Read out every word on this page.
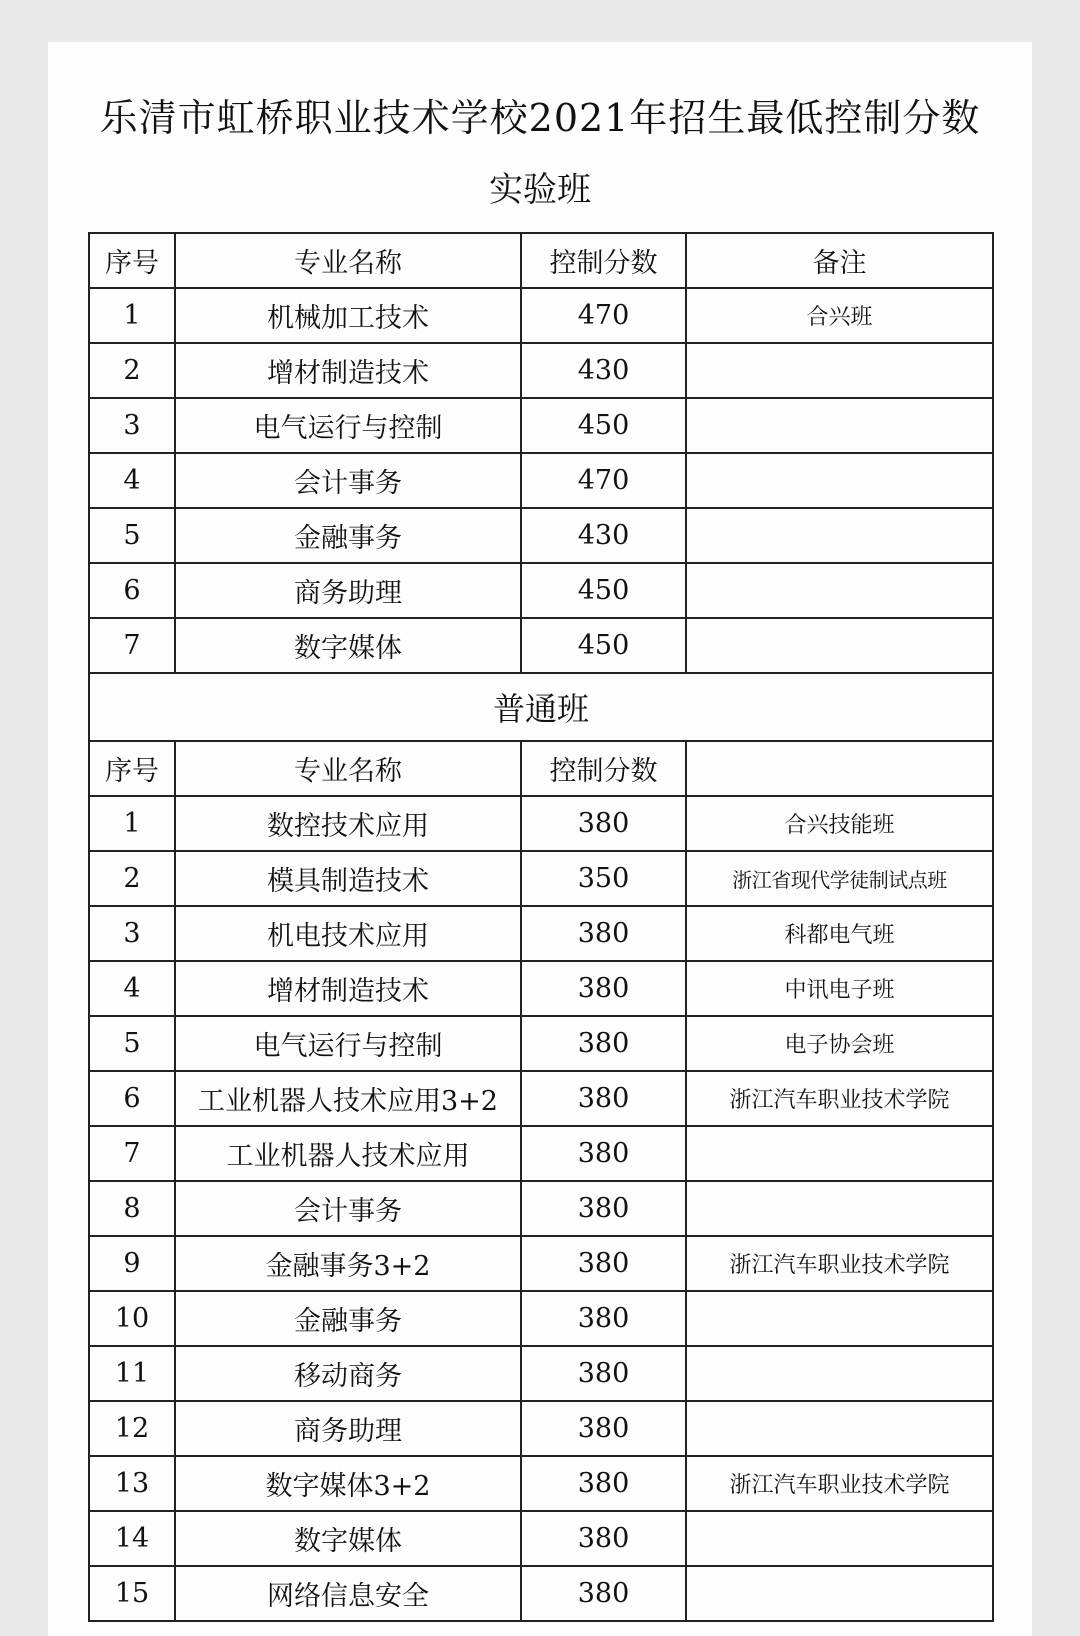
乐清市虹桥职业技术学校2021年招生最低控制分数
实验班
序号	专业名称	控制分数	备注
1	机械加工技术	470	合兴班
2	增材制造技术	430	
3	电气运行与控制	450	
4	会计事务	470	
5	金融事务	430	
6	商务助理	450	
7	数字媒体	450	
普通班			
序号	专业名称	控制分数	
1	数控技术应用	380	合兴技能班
2	模具制造技术	350	浙江省现代学徒制试点班
3	机电技术应用	380	科都电气班
4	增材制造技术	380	中讯电子班
5	电气运行与控制	380	电子协会班
6	工业机器人技术应用3+2	380	浙江汽车职业技术学院
7	工业机器人技术应用	380	
8	会计事务	380	
9	金融事务3+2	380	浙江汽车职业技术学院
10	金融事务	380	
11	移动商务	380	
12	商务助理	380	
13	数字媒体3+2	380	浙江汽车职业技术学院
14	数字媒体	380	
15	网络信息安全	380	
